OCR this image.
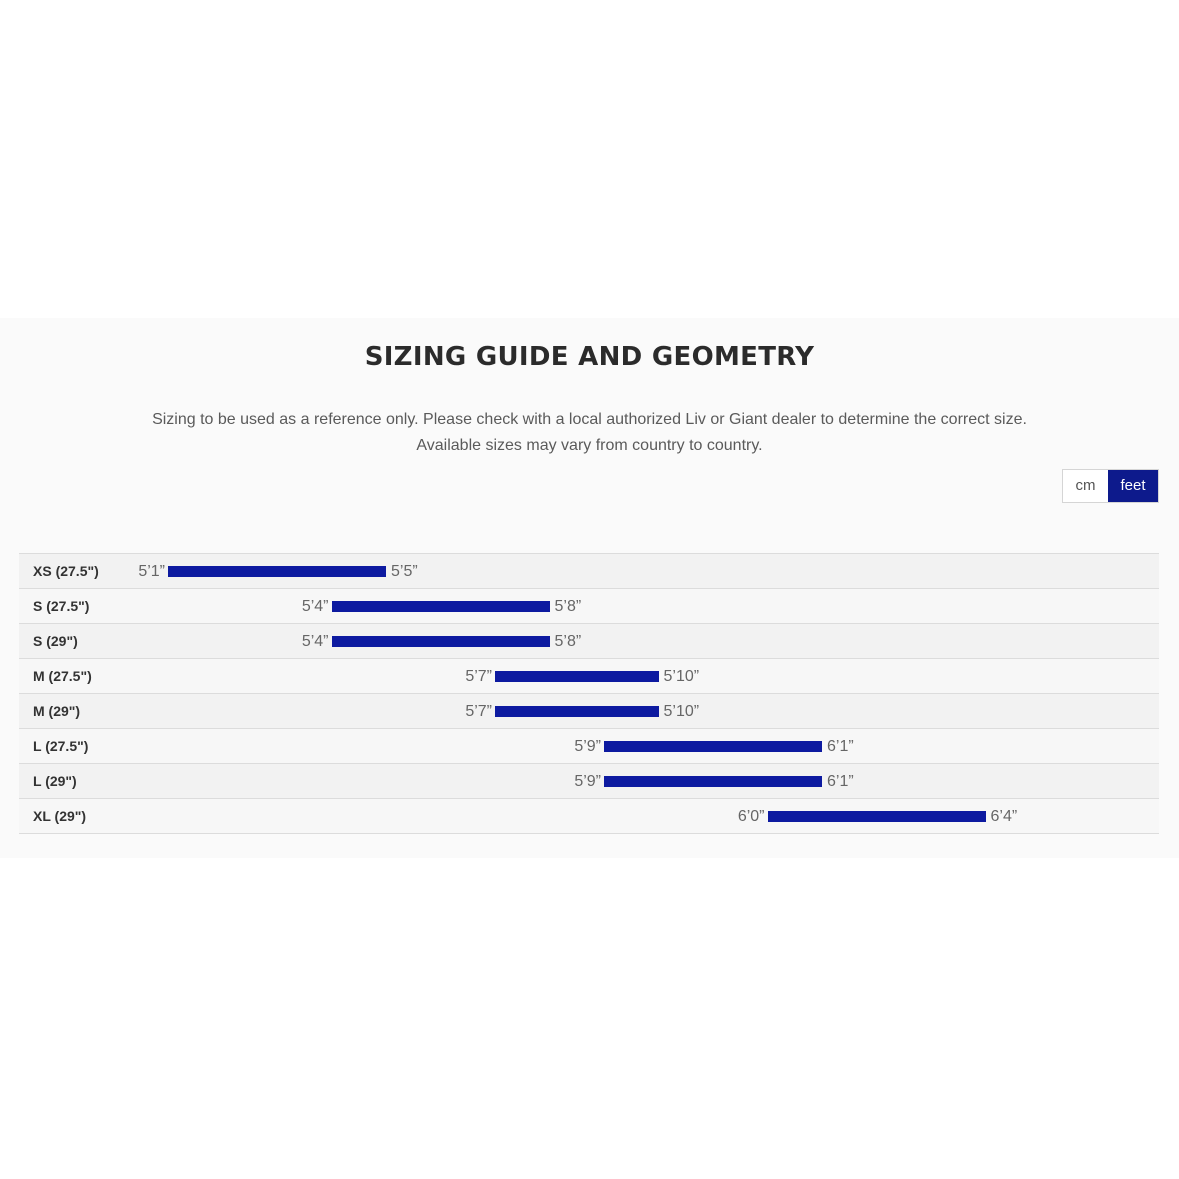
SIZING GUIDE AND GEOMETRY

Sizing to be used as a reference only. Please check with a local authorized Liv or Giant dealer to determine the correct size.

Available sizes may vary from country to country.

cm	feet
XS (27.5") 5’1”	5’5”
S (27.5")	5’4”	5’8”
S (29")	5’4”	5’8”
M (27.5")	5’7”	5’10”
M (29")	5’7”	5’10”
L (27.5")	5’9”	6’1”
L (29")	5’9”	6’1”
XL (29")	6’0”	6’4”
